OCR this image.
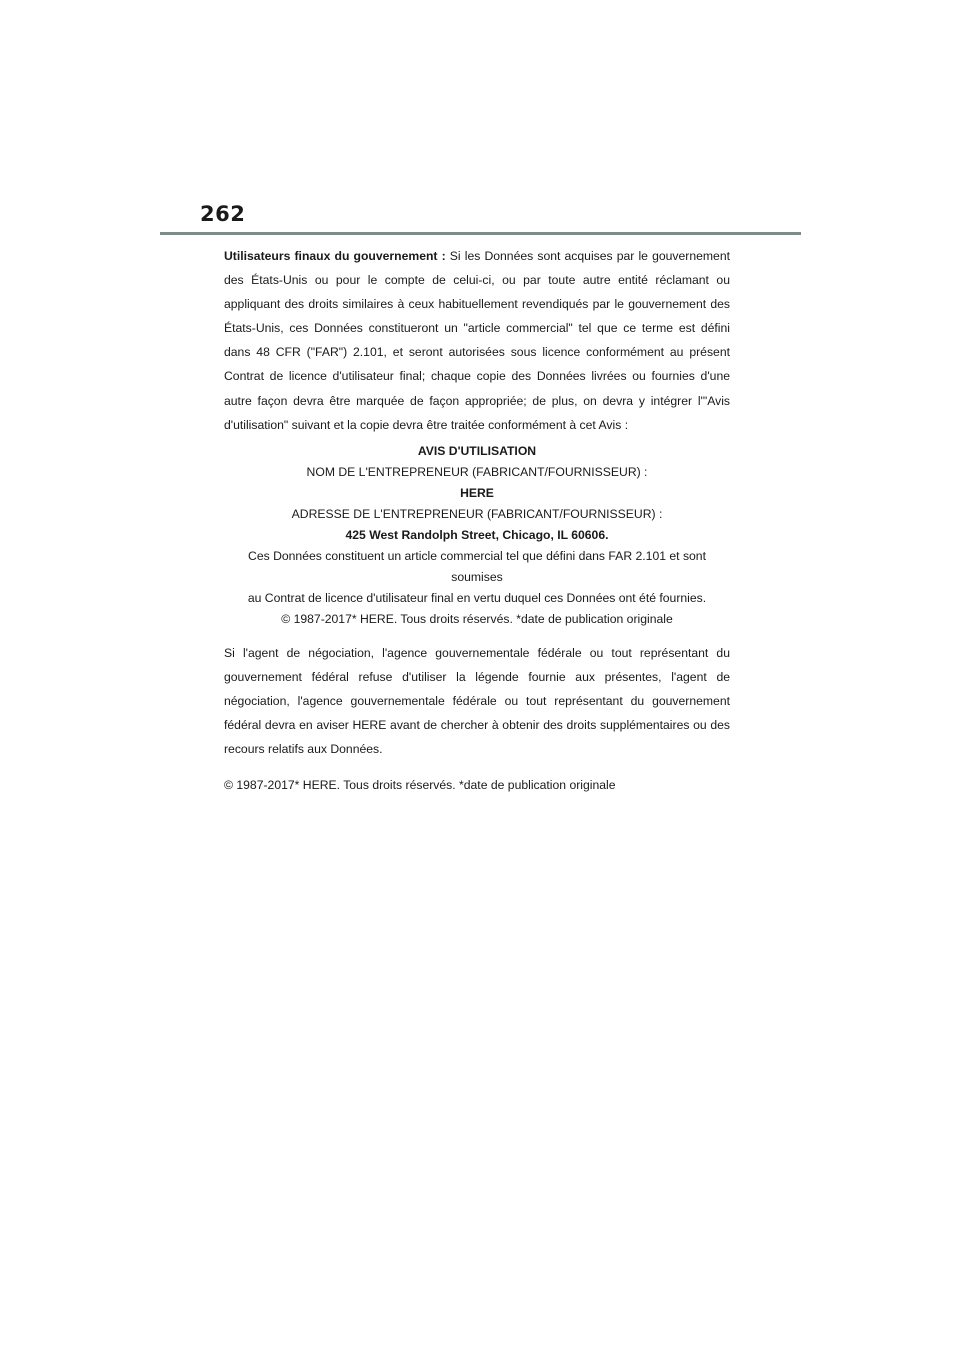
262

Utilisateurs finaux du gouvernement : Si les Données sont acquises par le gouvernement des États-Unis ou pour le compte de celui-ci, ou par toute autre entité réclamant ou appliquant des droits similaires à ceux habituellement revendiqués par le gouvernement des États-Unis, ces Données constitueront un "article commercial" tel que ce terme est défini dans 48 CFR ("FAR") 2.101, et seront autorisées sous licence conformément au présent Contrat de licence d'utilisateur final; chaque copie des Données livrées ou fournies d'une autre façon devra être marquée de façon appropriée; de plus, on devra y intégrer l'"Avis d'utilisation" suivant et la copie devra être traitée conformément à cet Avis :

AVIS D'UTILISATION
NOM DE L'ENTREPRENEUR (FABRICANT/FOURNISSEUR) :
HERE
ADRESSE DE L'ENTREPRENEUR (FABRICANT/FOURNISSEUR) :
425 West Randolph Street, Chicago, IL 60606.
Ces Données constituent un article commercial tel que défini dans FAR 2.101 et sont soumises
au Contrat de licence d'utilisateur final en vertu duquel ces Données ont été fournies.
© 1987-2017* HERE. Tous droits réservés. *date de publication originale

Si l'agent de négociation, l'agence gouvernementale fédérale ou tout représentant du gouvernement fédéral refuse d'utiliser la légende fournie aux présentes, l'agent de négociation, l'agence gouvernementale fédérale ou tout représentant du gouvernement fédéral devra en aviser HERE avant de chercher à obtenir des droits supplémentaires ou des recours relatifs aux Données.

© 1987-2017* HERE. Tous droits réservés. *date de publication originale
